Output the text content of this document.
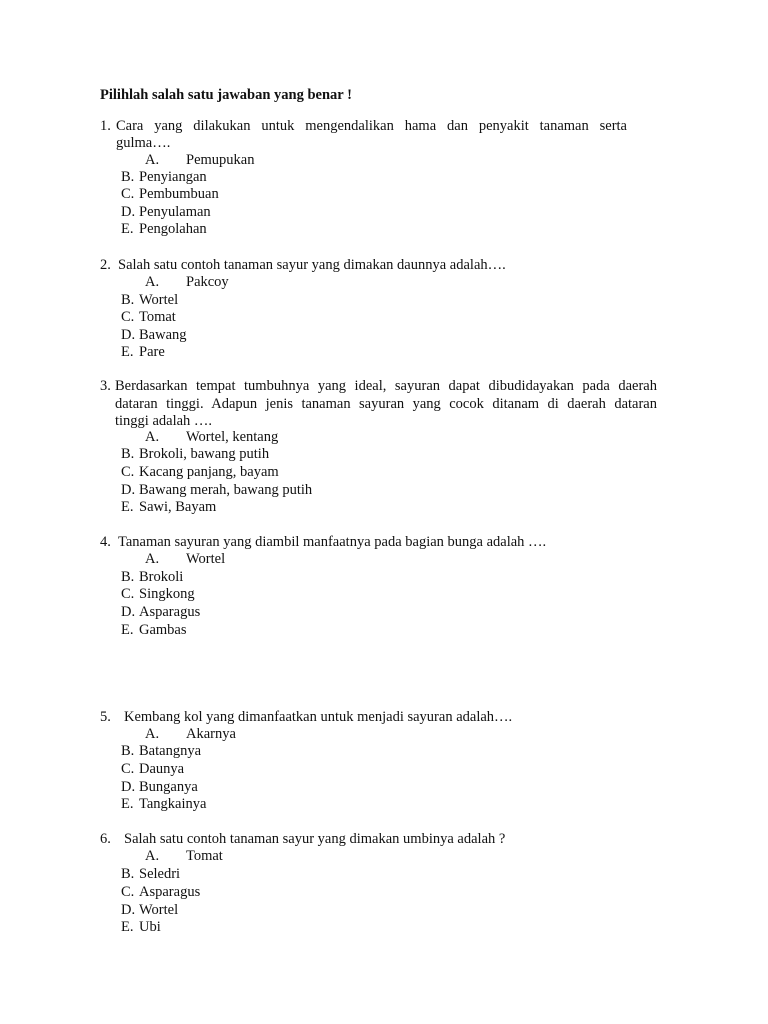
Pilihlah salah satu jawaban yang benar !
1. Cara yang dilakukan untuk mengendalikan hama dan penyakit tanaman serta
gulma….
A. Pemupukan
B. Penyiangan
C. Pembumbuan
D. Penyulaman
E. Pengolahan
2. Salah satu contoh tanaman sayur yang dimakan daunnya adalah….
A. Pakcoy
B. Wortel
C. Tomat
D. Bawang
E. Pare
3. Berdasarkan tempat tumbuhnya yang ideal, sayuran dapat dibudidayakan pada daerah
dataran tinggi. Adapun jenis tanaman sayuran yang cocok ditanam di daerah dataran
tinggi adalah ….
A. Wortel, kentang
B. Brokoli, bawang putih
C. Kacang panjang, bayam
D. Bawang merah, bawang putih
E. Sawi, Bayam
4. Tanaman sayuran yang diambil manfaatnya pada bagian bunga adalah ….
A. Wortel
B. Brokoli
C. Singkong
D. Asparagus
E. Gambas
5. Kembang kol yang dimanfaatkan untuk menjadi sayuran adalah….
A. Akarnya
B. Batangnya
C. Daunya
D. Bunganya
E. Tangkainya
6. Salah satu contoh tanaman sayur yang dimakan umbinya adalah ?
A. Tomat
B. Seledri
C. Asparagus
D. Wortel
E. Ubi
